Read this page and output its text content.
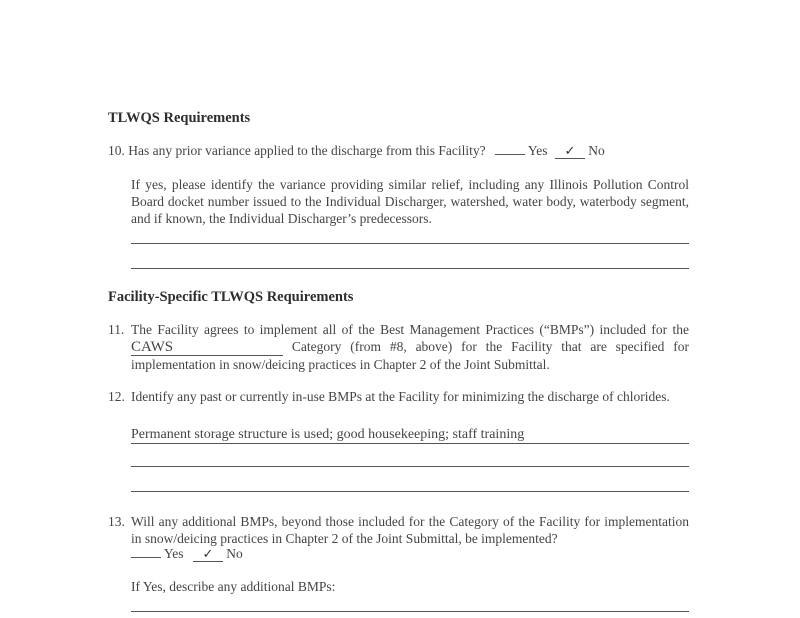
TLWQS Requirements
10. Has any prior variance applied to the discharge from this Facility?	Yes ✓ No
If yes, please identify the variance providing similar relief, including any Illinois Pollution Control Board docket number issued to the Individual Discharger, watershed, water body, waterbody segment, and if known, the Individual Discharger’s predecessors.
Facility-Specific TLWQS Requirements
11. The Facility agrees to implement all of the Best Management Practices (“BMPs”) included for the CAWS	Category (from #8, above) for the Facility that are specified for implementation in snow/deicing practices in Chapter 2 of the Joint Submittal.
12. Identify any past or currently in-use BMPs at the Facility for minimizing the discharge of chlorides.
Permanent storage structure is used; good housekeeping; staff training
13. Will any additional BMPs, beyond those included for the Category of the Facility for implementation in snow/deicing practices in Chapter 2 of the Joint Submittal, be implemented?
Yes ✓ No
If Yes, describe any additional BMPs:
